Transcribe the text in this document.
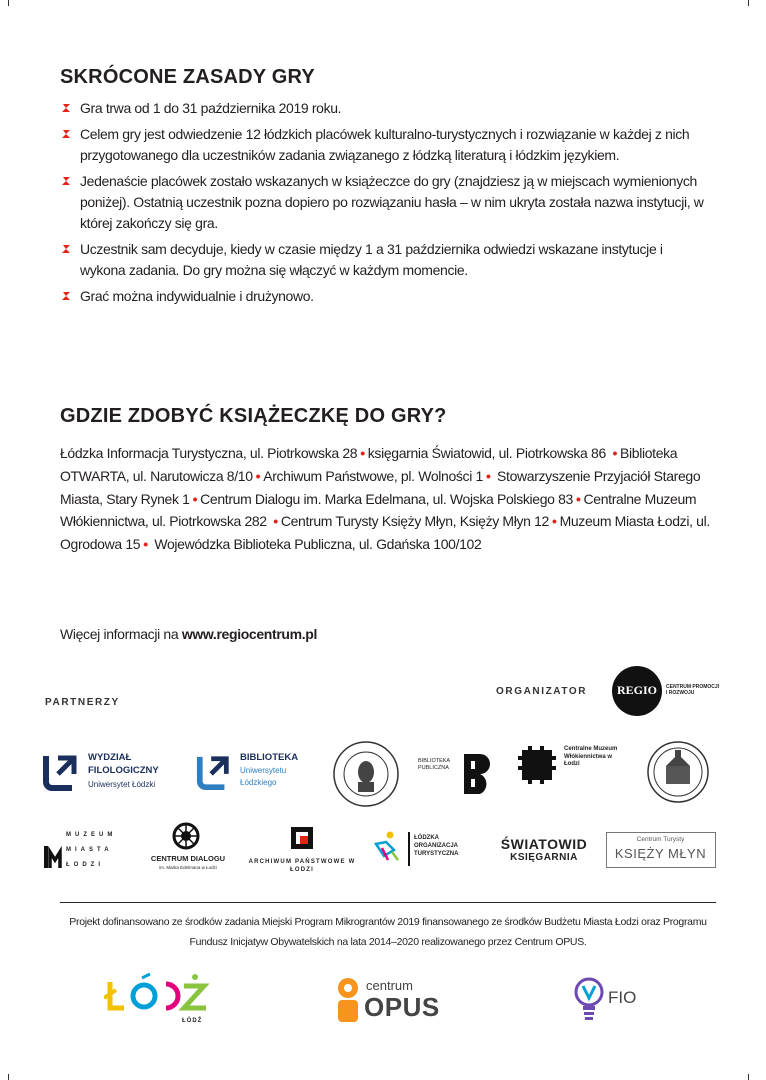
SKRÓCONE ZASADY GRY
Gra trwa od 1 do 31 października 2019 roku.
Celem gry jest odwiedzenie 12 łódzkich placówek kulturalno-turystycznych i rozwiązanie w każdej z nich przygotowanego dla uczestników zadania związanego z łódzką literaturą i łódzkim językiem.
Jedenaście placówek zostało wskazanych w książeczce do gry (znajdziesz ją w miejscach wymienionych poniżej). Ostatnią uczestnik pozna dopiero po rozwiązaniu hasła – w nim ukryta została nazwa instytucji, w której zakończy się gra.
Uczestnik sam decyduje, kiedy w czasie między 1 a 31 października odwiedzi wskazane instytucje i wykona zadania. Do gry można się włączyć w każdym momencie.
Grać można indywidualnie i drużynowo.
GDZIE ZDOBYĆ KSIĄŻECZKĘ DO GRY?

Łódzka Informacja Turystyczna, ul. Piotrkowska 28 • księgarnia Światowid, ul. Piotrkowska 86 • Biblioteka OTWARTA, ul. Narutowicza 8/10 • Archiwum Państwowe, pl. Wolności 1 • Stowarzyszenie Przyjaciół Starego Miasta, Stary Rynek 1 • Centrum Dialogu im. Marka Edelmana, ul. Wojska Polskiego 83 • Centralne Muzeum Włókiennictwa, ul. Piotrkowska 282 • Centrum Turysty Księży Młyn, Księży Młyn 12 • Muzeum Miasta Łodzi, ul. Ogrodowa 15 • Wojewódzka Biblioteka Publiczna, ul. Gdańska 100/102

Więcej informacji na www.regiocentrum.pl
PARTNERZY
ORGANIZATOR REGIO	CENTRUM PROMOCJI I ROZWOJU
WYDZIAŁ
FILOLOGICZNY
Uniwersytet Łódzki
BIBLIOTEKA
Uniwersytetu
Łódzkiego
BIBLIOTEKA PUBLICZNA
Centralne Muzeum Włókiennictwa w Łodzi
MUZEUM MIASTA ŁODZI
CENTRUM DIALOGU
im. Marka Edelmana w Łodzi
ARCHIWUM PAŃSTWOWE W ŁODZI
ŁÓDZKA ORGANIZACJA TURYSTYCZNA
ŚWIATOWID
KSIĘGARNIA
Centrum Turysty
KSIĘŻY MŁYN
Projekt dofinansowano ze środków zadania Miejski Program Mikrograntów 2019 finansowanego ze środków Budżetu Miasta Łodzi oraz Programu Fundusz Inicjatyw Obywatelskich na lata 2014–2020 realizowanego przez Centrum OPUS.
ŁÓDŹ
centrum
OPUS	FIO
